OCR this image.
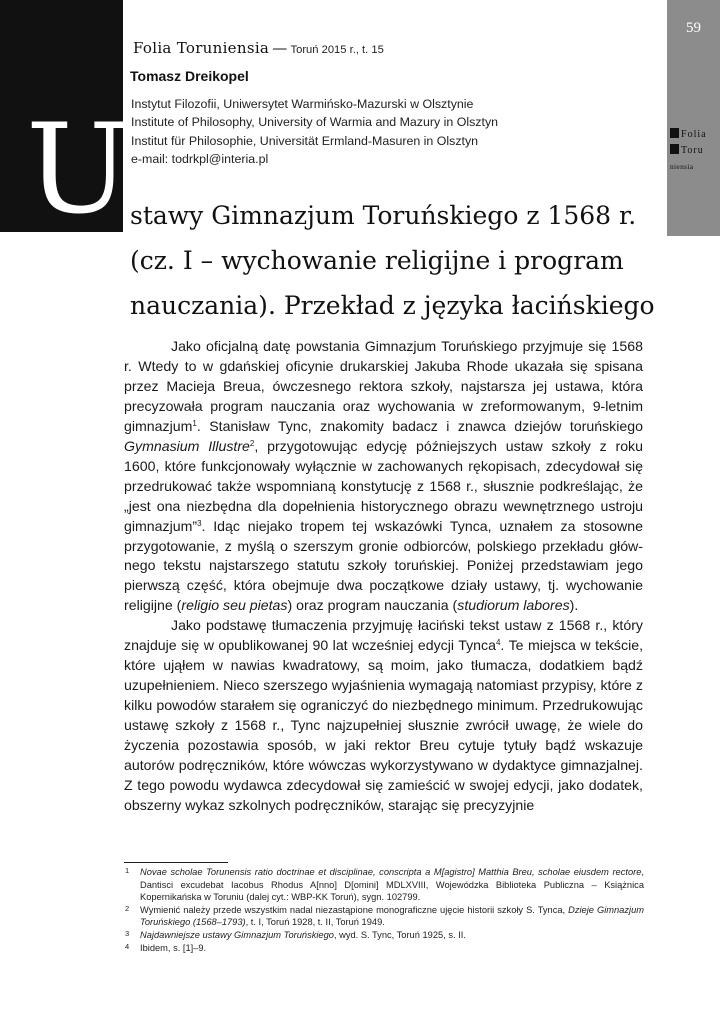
U
59
Folia
Toru
niensia
Folia Toruniensia — Toruń 2015 r., t. 15
Tomasz Dreikopel
Instytut Filozofii, Uniwersytet Warmińsko-Mazurski w Olsztynie
Institute of Philosophy, University of Warmia and Mazury in Olsztyn
Institut für Philosophie, Universität Ermland-Masuren in Olsztyn
e-mail: todrkpl@interia.pl
stawy Gimnazjum Toruńskiego z 1568 r.
(cz. I – wychowanie religijne i program
nauczania). Przekład z języka łacińskiego

Jako oficjalną datę powstania Gimnazjum Toruńskiego przyjmuje się 1568 r. Wtedy to w gdańskiej oficynie drukarskiej Jakuba Rhode ukazała się spisana przez Macieja Breua, ówczesnego rektora szkoły, najstarsza jej ustawa, która precyzowała program nauczania oraz wychowania w zreformowanym, 9-letnim gimnazjum$^1$. Stanisław Tync, znakomity badacz i znawca dziejów toruńskiego Gymnasium Illustre$^2$, przygotowując edycję późniejszych ustaw szkoły z roku 1600, które funkcjonowały wyłącznie w zachowanych rękopisach, zdecydował się przedrukować także wspomnianą konstytucję z 1568 r., słusznie podkreślając, że „jest ona niezbędna dla dopełnienia historycznego obrazu wewnętrznego ustroju gimnazjum”$^3$. Idąc niejako tropem tej wskazówki Tynca, uznałem za stosowne przygotowanie, z myślą o szerszym gronie odbiorców, polskiego przekładu głównego tekstu najstarszego statutu szkoły toruńskiej. Poniżej przedstawiam jego pierwszą część, która obejmuje dwa początkowe działy ustawy, tj. wychowanie religijne (religio seu pietas) oraz program nauczania (studiorum labores).

Jako podstawę tłumaczenia przyjmuję łaciński tekst ustaw z 1568 r., który znajduje się w opublikowanej 90 lat wcześniej edycji Tynca$^4$. Te miejsca w tekście, które ująłem w nawias kwadratowy, są moim, jako tłumacza, dodatkiem bądź uzupełnieniem. Nieco szerszego wyjaśnienia wymagają natomiast przypisy, które z kilku powodów starałem się ograniczyć do niezbędnego minimum. Przedrukowując ustawę szkoły z 1568 r., Tync najzupełniej słusznie zwrócił uwagę, że wiele do życzenia pozostawia sposób, w jaki rektor Breu cytuje tytuły bądź wskazuje autorów podręczników, które wówczas wykorzystywano w dydaktyce gimnazjalnej. Z tego powodu wydawca zdecydował się zamieścić w swojej edycji, jako dodatek, obszerny wykaz szkolnych podręczników, starając się precyzyjnie

1 Novae scholae Torunensis ratio doctrinae et disciplinae, conscripta a M[agistro] Matthia Breu, scholae eiusdem rectore, Dantisci excudebat Iacobus Rhodus A[nno] D[omini] MDLXVIII, Wojewódzka Biblioteka Publiczna – Książnica Kopernikańska w Toruniu (dalej cyt.: WBP-KK Toruń), sygn. 102799.
2 Wymienić należy przede wszystkim nadal niezastąpione monograficzne ujęcie historii szkoły S. Tynca, Dzieje Gimnazjum Toruńskiego (1568–1793), t. I, Toruń 1928, t. II, Toruń 1949.
3 Najdawniejsze ustawy Gimnazjum Toruńskiego, wyd. S. Tync, Toruń 1925, s. II.
4 Ibidem, s. [1]–9.
